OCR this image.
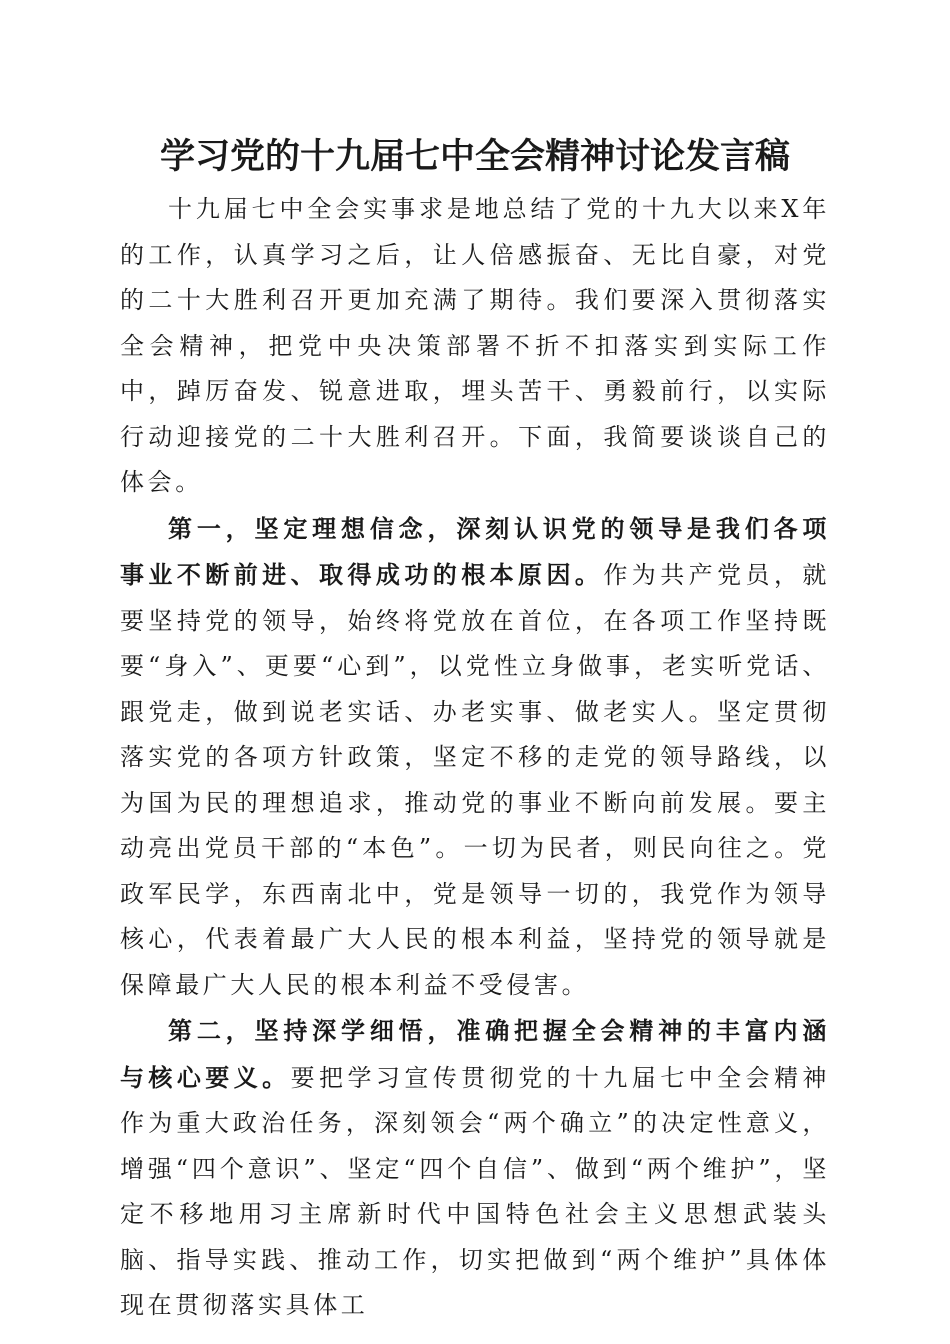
学习党的十九届七中全会精神讨论发言稿

十九届七中全会实事求是地总结了党的十九大以来X年的工作，认真学习之后，让人倍感振奋、无比自豪，对党的二十大胜利召开更加充满了期待。我们要深入贯彻落实全会精神，把党中央决策部署不折不扣落实到实际工作中，踔厉奋发、锐意进取，埋头苦干、勇毅前行，以实际行动迎接党的二十大胜利召开。下面，我简要谈谈自己的体会。

第一，坚定理想信念，深刻认识党的领导是我们各项事业不断前进、取得成功的根本原因。作为共产党员，就要坚持党的领导，始终将党放在首位，在各项工作坚持既要“身入”、更要“心到”，以党性立身做事，老实听党话、跟党走，做到说老实话、办老实事、做老实人。坚定贯彻落实党的各项方针政策，坚定不移的走党的领导路线，以为国为民的理想追求，推动党的事业不断向前发展。要主动亮出党员干部的“本色”。一切为民者，则民向往之。党政军民学，东西南北中，党是领导一切的，我党作为领导核心，代表着最广大人民的根本利益，坚持党的领导就是保障最广大人民的根本利益不受侵害。

第二，坚持深学细悟，准确把握全会精神的丰富内涵与核心要义。要把学习宣传贯彻党的十九届七中全会精神作为重大政治任务，深刻领会“两个确立”的决定性意义，增强“四个意识”、坚定“四个自信”、做到“两个维护”，坚定不移地用习主席新时代中国特色社会主义思想武装头脑、指导实践、推动工作，切实把做到“两个维护”具体体现在贯彻落实具体工
